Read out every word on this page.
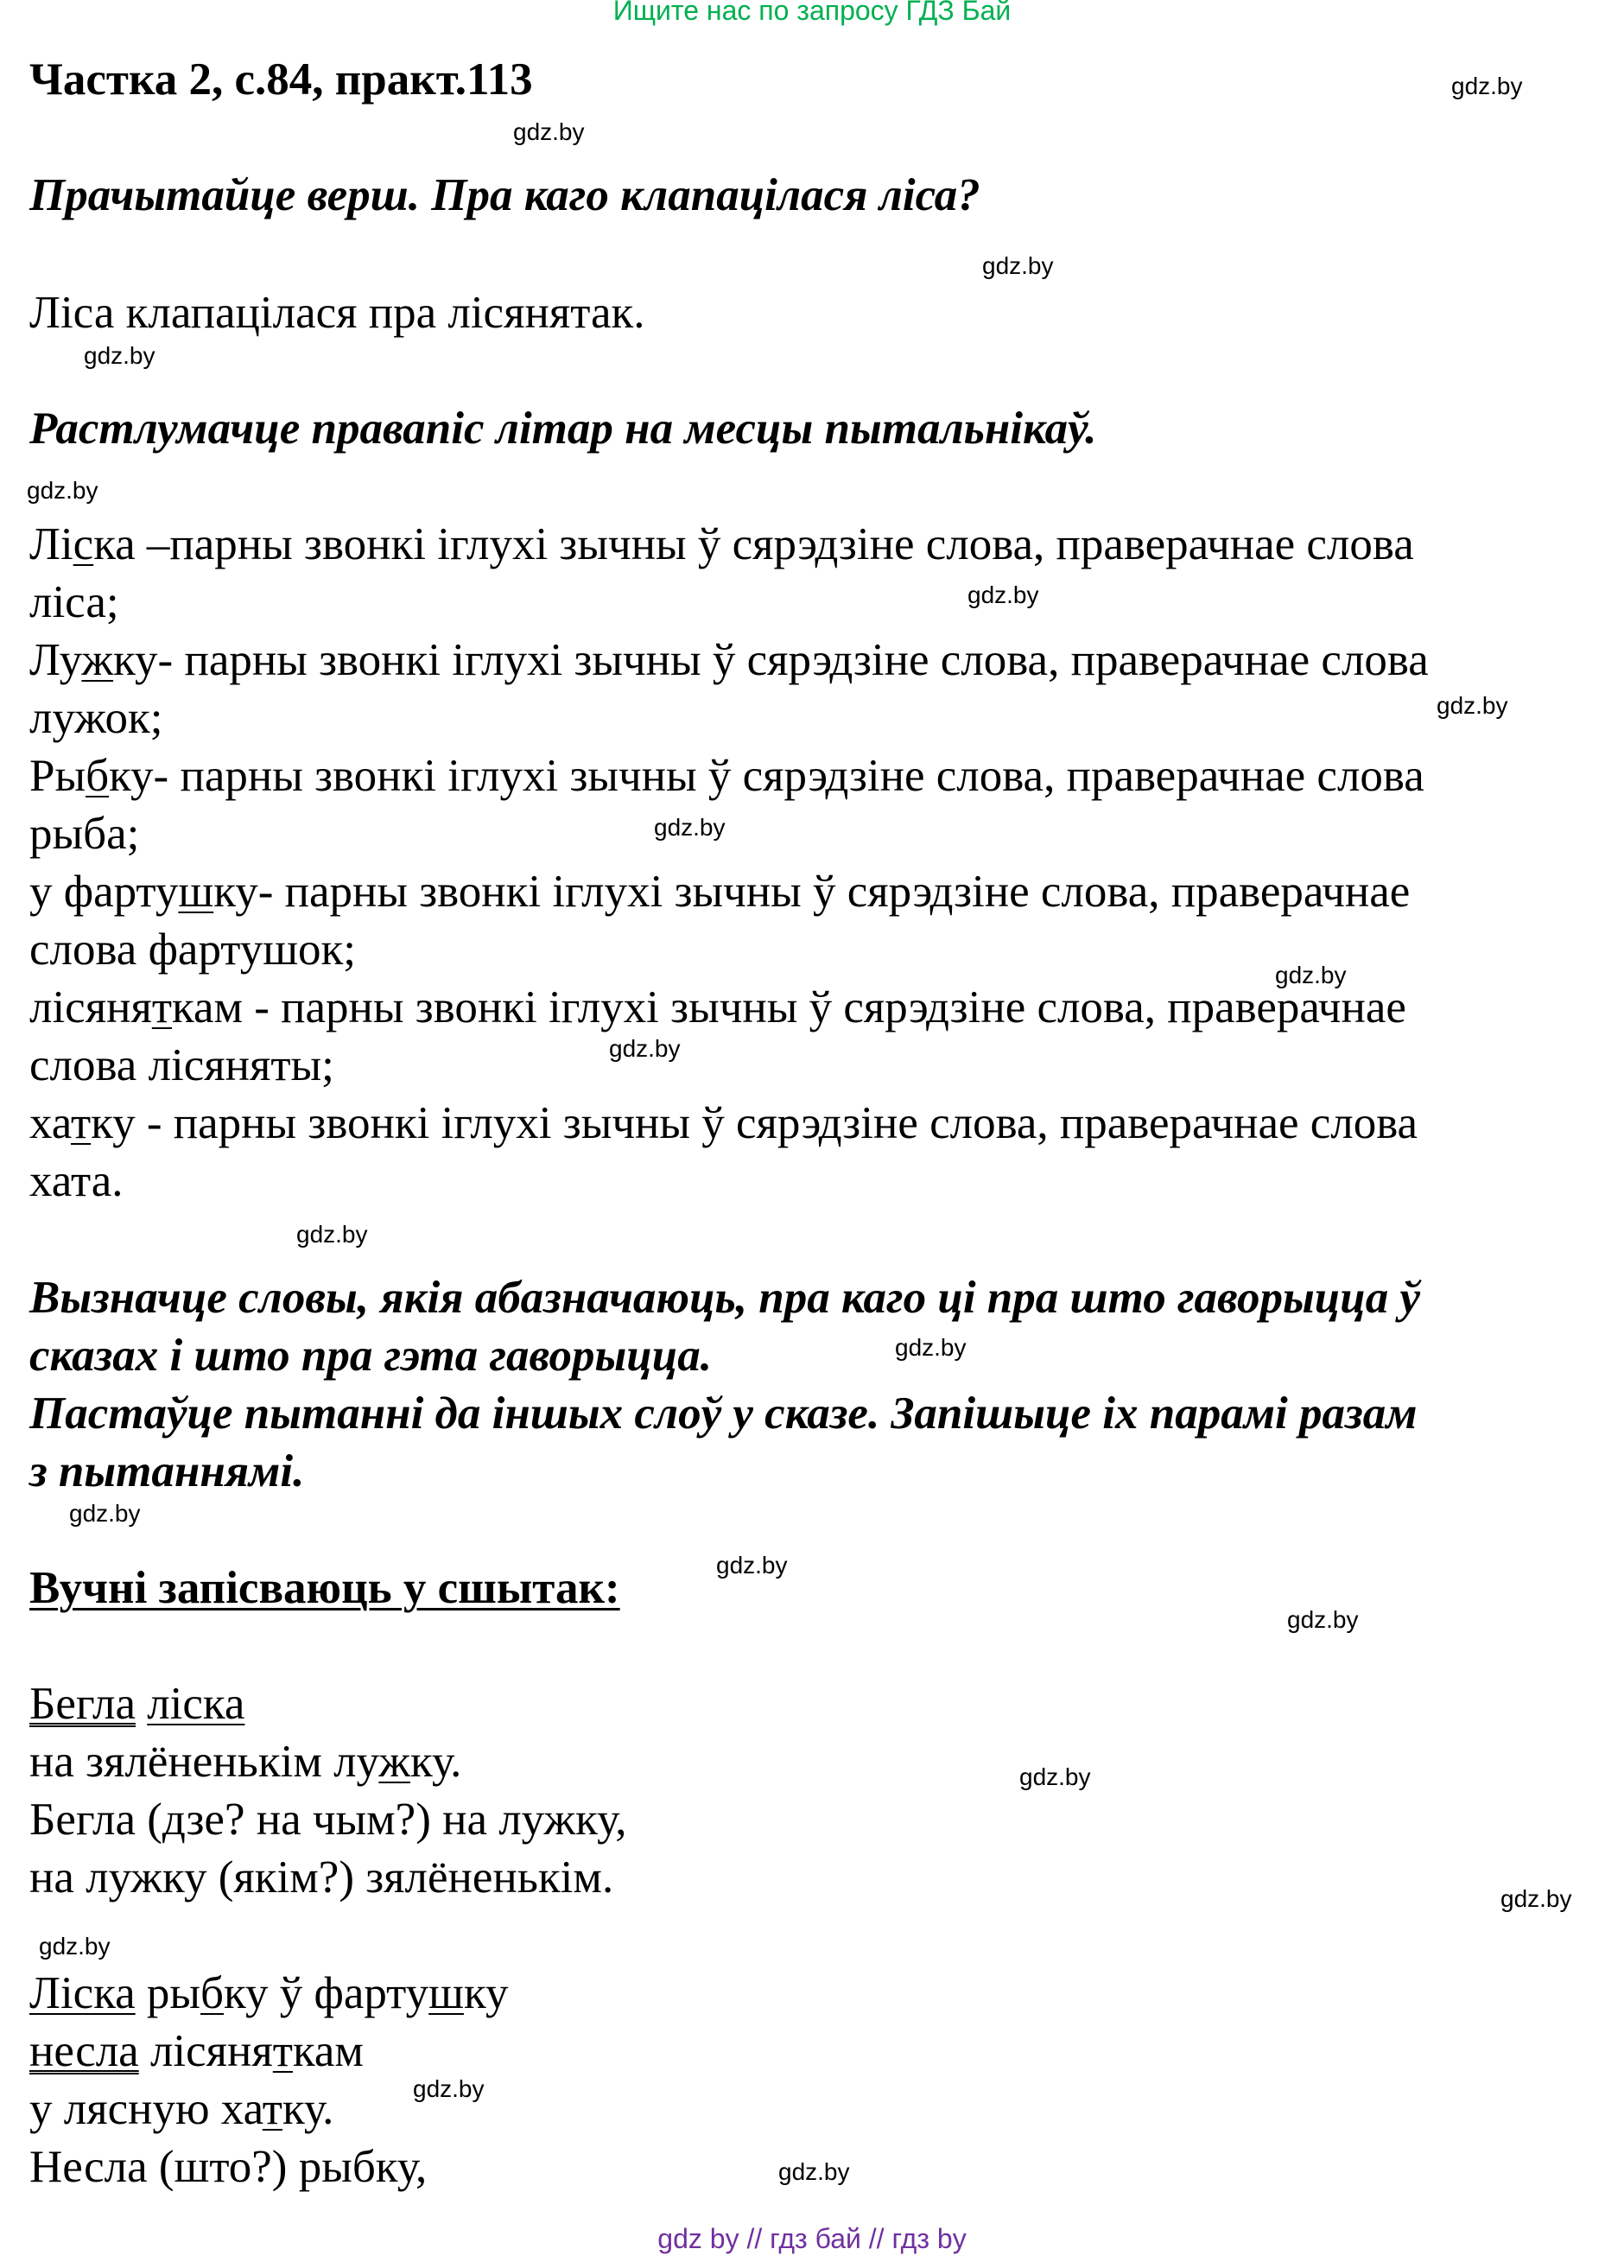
Ищите нас по запросу ГДЗ Бай
Частка 2, с.84, практ.113
Прачытайце верш. Пра каго клапацілася ліса?
Ліса клапацілася пра лісянятак.
Растлумачце правапіс літар на месцы пытальнікаў.
Ліска –парны звонкі іглухі зычны ў сярэдзіне слова, праверачнае слова
ліса;
Лужку- парны звонкі іглухі зычны ў сярэдзіне слова, праверачнае слова
лужок;
Рыбку- парны звонкі іглухі зычны ў сярэдзіне слова, праверачнае слова
рыба;
у фартушку- парны звонкі іглухі зычны ў сярэдзіне слова, праверачнае
слова фартушок;
лісяняткам - парны звонкі іглухі зычны ў сярэдзіне слова, праверачнае
слова лісяняты;
хатку - парны звонкі іглухі зычны ў сярэдзіне слова, праверачнае слова
хата.
Вызначце словы, якія абазначаюць, пра каго ці пра што гаворыцца ў
сказах і што пра гэта гаворыцца.
Пастаўце пытанні да іншых слоў у сказе. Запішыце іх парамі разам
з пытаннямі.
Вучні запісваюць у сшытак:
Бегла ліска
на зялёненькім лужку.
Бегла (дзе? на чым?) на лужку,
на лужку (якім?) зялёненькім.
Ліска рыбку ў фартушку
несла лісяняткам
у лясную хатку.
Несла (што?) рыбку,
gdz.by
gdz.by
gdz.by
gdz.by
gdz.by
gdz.by
gdz.by
gdz.by
gdz.by
gdz.by
gdz.by
gdz.by
gdz.by
gdz.by
gdz.by
gdz.by
gdz.by
gdz.by
gdz.by
gdz.by
gdz by // гдз бай // гдз by
